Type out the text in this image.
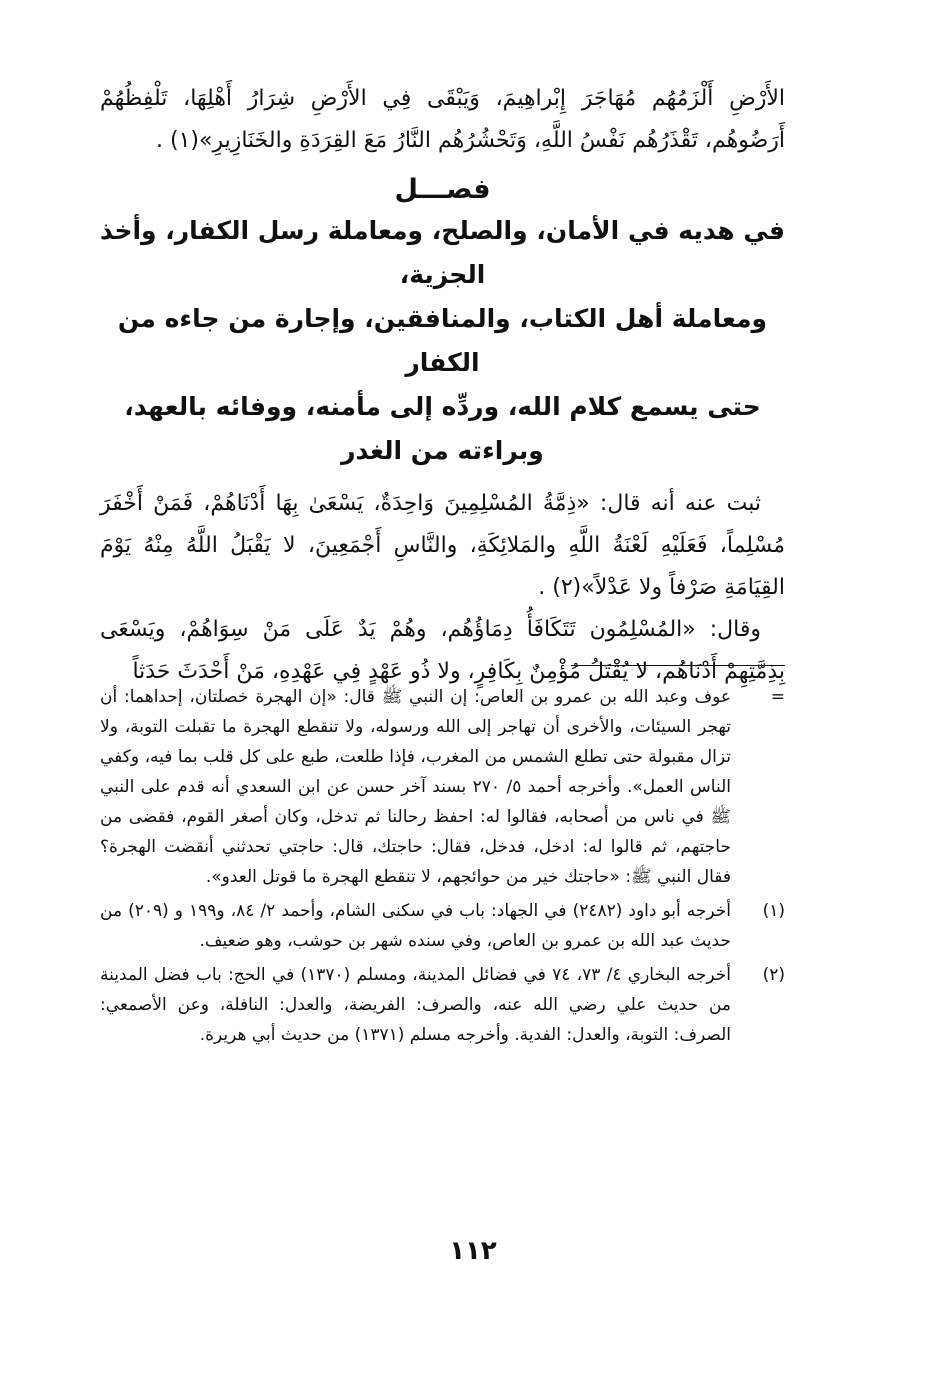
الأَرْضِ أَلْزَمُهُم مُهَاجَرَ إِبْراهِيمَ، وَيَبْقَى فِي الأَرْضِ شِرَارُ أَهْلِهَا، تَلْفِظُهُمْ أَرَضُوهُم، تَقْذَرُهُم نَفْسُ اللَّهِ، وَتَحْشُرُهُم النَّارُ مَعَ القِرَدَةِ والخَنَازِيرِ»(١) .

فصـــل
في هديه في الأمان، والصلح، ومعاملة رسل الكفار، وأخذ الجزية،
ومعاملة أهل الكتاب، والمنافقين، وإجارة من جاءه من الكفار
حتى يسمع كلام الله، وردِّه إلى مأمنه، ووفائه بالعهد،
وبراءته من الغدر

ثبت عنه أنه قال: «ذِمَّةُ المُسْلِمِينَ وَاحِدَةٌ، يَسْعَىٰ بِهَا أَدْنَاهُمْ، فَمَنْ أَخْفَرَ مُسْلِماً، فَعَلَيْهِ لَعْنَةُ اللَّهِ والمَلائِكَةِ، والنَّاسِ أَجْمَعِينَ، لا يَقْبَلُ اللَّهُ مِنْهُ يَوْمَ القِيَامَةِ صَرْفاً ولا عَدْلاً»(٢) .

وقال: «المُسْلِمُون تَتَكَافَأُ دِمَاؤُهُم، وهُمْ يَدٌ عَلَى مَنْ سِوَاهُمْ، ويَسْعَى بِذِمَّتِهِمْ أَدْنَاهُم، لا يُقْتَلُ مُؤْمِنٌ بِكَافِرٍ، ولا ذُو عَهْدٍ فِي عَهْدِهِ، مَنْ أَحْدَثَ حَدَثاً

=
عوف وعبد الله بن عمرو بن العاص: إن النبي ﷺ قال: «إن الهجرة خصلتان، إحداهما: أن تهجر السيئات، والأخرى أن تهاجر إلى الله ورسوله، ولا تنقطع الهجرة ما تقبلت التوبة، ولا تزال مقبولة حتى تطلع الشمس من المغرب، فإذا طلعت، طبع على كل قلب بما فيه، وكفي الناس العمل». وأخرجه أحمد ٥/ ٢٧٠ بسند آخر حسن عن ابن السعدي أنه قدم على النبي ﷺ في ناس من أصحابه، فقالوا له: احفظ رحالنا ثم تدخل، وكان أصغر القوم، فقضى من حاجتهم، ثم قالوا له: ادخل، فدخل، فقال: حاجتك، قال: حاجتي تحدثني أنقضت الهجرة؟ فقال النبي ﷺ: «حاجتك خير من حوائجهم، لا تنقطع الهجرة ما قوتل العدو».
(١)
أخرجه أبو داود (٢٤٨٢) في الجهاد: باب في سكنى الشام، وأحمد ٢/ ٨٤، و١٩٩ و (٢٠٩) من حديث عبد الله بن عمرو بن العاص، وفي سنده شهر بن حوشب، وهو ضعيف.
(٢)
أخرجه البخاري ٤/ ٧٣، ٧٤ في فضائل المدينة، ومسلم (١٣٧٠) في الحج: باب فضل المدينة من حديث علي رضي الله عنه، والصرف: الفريضة، والعدل: النافلة، وعن الأصمعي: الصرف: التوبة، والعدل: الفدية. وأخرجه مسلم (١٣٧١) من حديث أبي هريرة.
١١٢
